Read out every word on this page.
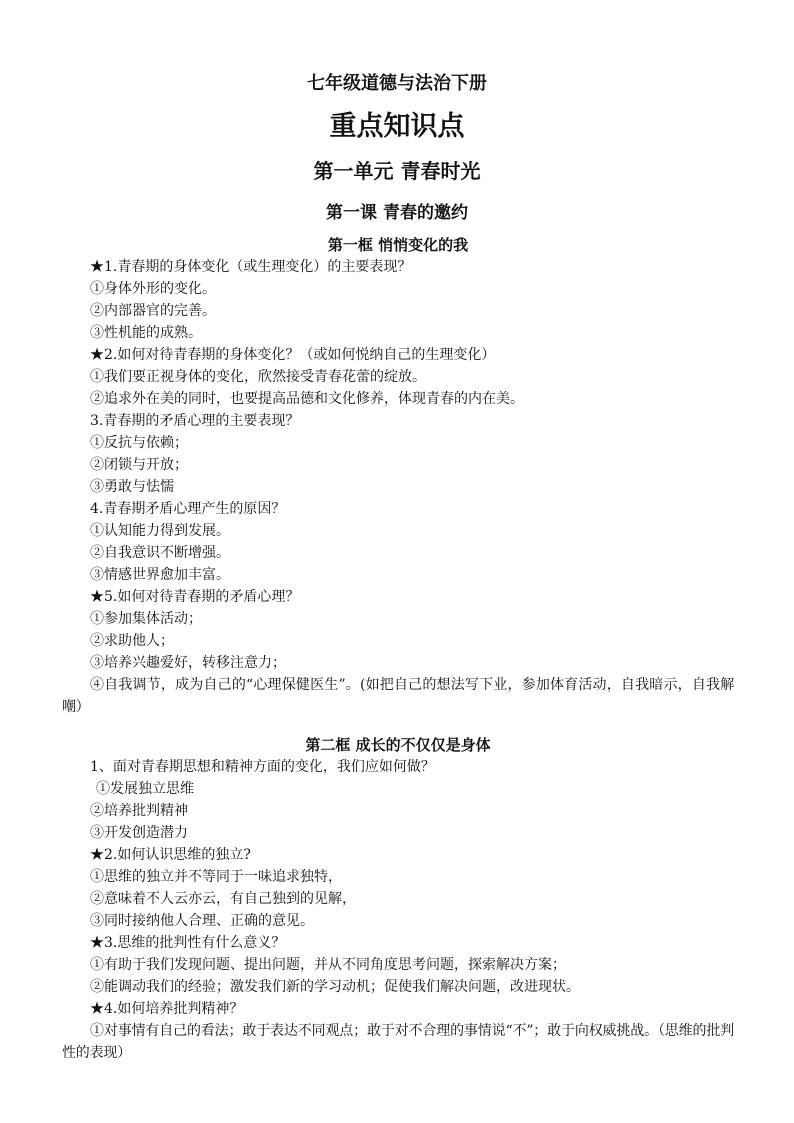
七年级道德与法治下册
重点知识点
第一单元 青春时光
第一课 青春的邀约
第一框 悄悄变化的我
★1.青春期的身体变化（或生理变化）的主要表现？
①身体外形的变化。
②内部器官的完善。
③性机能的成熟。
★2.如何对待青春期的身体变化？（或如何悦纳自己的生理变化）
①我们要正视身体的变化，欣然接受青春花蕾的绽放。
②追求外在美的同时，也要提高品德和文化修养，体现青春的内在美。
3.青春期的矛盾心理的主要表现？
①反抗与依赖；
②闭锁与开放；
③勇敢与怯懦
4.青春期矛盾心理产生的原因？
①认知能力得到发展。
②自我意识不断增强。
③情感世界愈加丰富。
★5.如何对待青春期的矛盾心理？
①参加集体活动；
②求助他人；
③培养兴趣爱好，转移注意力；
④自我调节，成为自己的“心理保健医生”。(如把自己的想法写下业，参加体育活动，自我暗示，自我解嘲）
第二框 成长的不仅仅是身体
1、面对青春期思想和精神方面的变化，我们应如何做？
①发展独立思维
②培养批判精神
③开发创造潜力
★2.如何认识思维的独立?
①思维的独立并不等同于一味追求独特，
②意味着不人云亦云，有自己独到的见解，
③同时接纳他人合理、正确的意见。
★3.思维的批判性有什么意义？
①有助于我们发现问题、提出问题，并从不同角度思考问题，探索解决方案；
②能调动我们的经验；激发我们新的学习动机；促使我们解决问题，改进现状。
★4.如何培养批判精神？
①对事情有自己的看法；敢于表达不同观点；敢于对不合理的事情说“不”；敢于向权威挑战。（思维的批判性的表现）
